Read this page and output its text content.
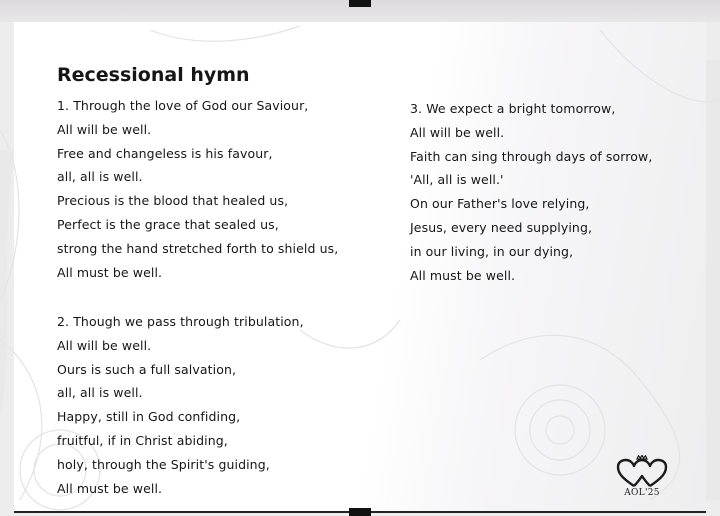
Recessional hymn
1. Through the love of God our Saviour,
All will be well.
Free and changeless is his favour,
all, all is well.
Precious is the blood that healed us,
Perfect is the grace that sealed us,
strong the hand stretched forth to shield us,
All must be well.
2. Though we pass through tribulation,
All will be well.
Ours is such a full salvation,
all, all is well.
Happy, still in God confiding,
fruitful, if in Christ abiding,
holy, through the Spirit's guiding,
All must be well.
3. We expect a bright tomorrow,
All will be well.
Faith can sing through days of sorrow,
'All, all is well.'
On our Father's love relying,
Jesus, every need supplying,
in our living, in our dying,
All must be well.
AOL'25
